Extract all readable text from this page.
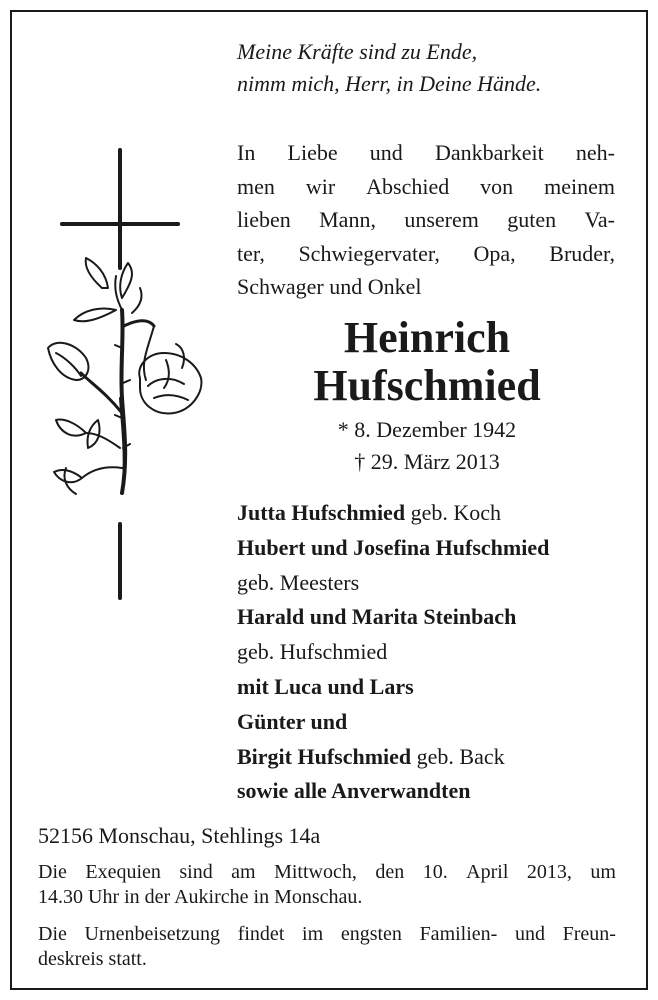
Meine Kräfte sind zu Ende,
nimm mich, Herr, in Deine Hände.
In Liebe und Dankbarkeit neh-
men wir Abschied von meinem
lieben Mann, unserem guten Va-
ter, Schwiegervater, Opa, Bruder,
Schwager und Onkel
Heinrich
Hufschmied
* 8. Dezember 1942
† 29. März 2013
Jutta Hufschmied geb. Koch
Hubert und Josefina Hufschmied
geb. Meesters
Harald und Marita Steinbach
geb. Hufschmied
mit Luca und Lars
Günter und
Birgit Hufschmied geb. Back
sowie alle Anverwandten
52156 Monschau, Stehlings 14a
Die Exequien sind am Mittwoch, den 10. April 2013, um
14.30 Uhr in der Aukirche in Monschau.
Die Urnenbeisetzung findet im engsten Familien- und Freun-
deskreis statt.
